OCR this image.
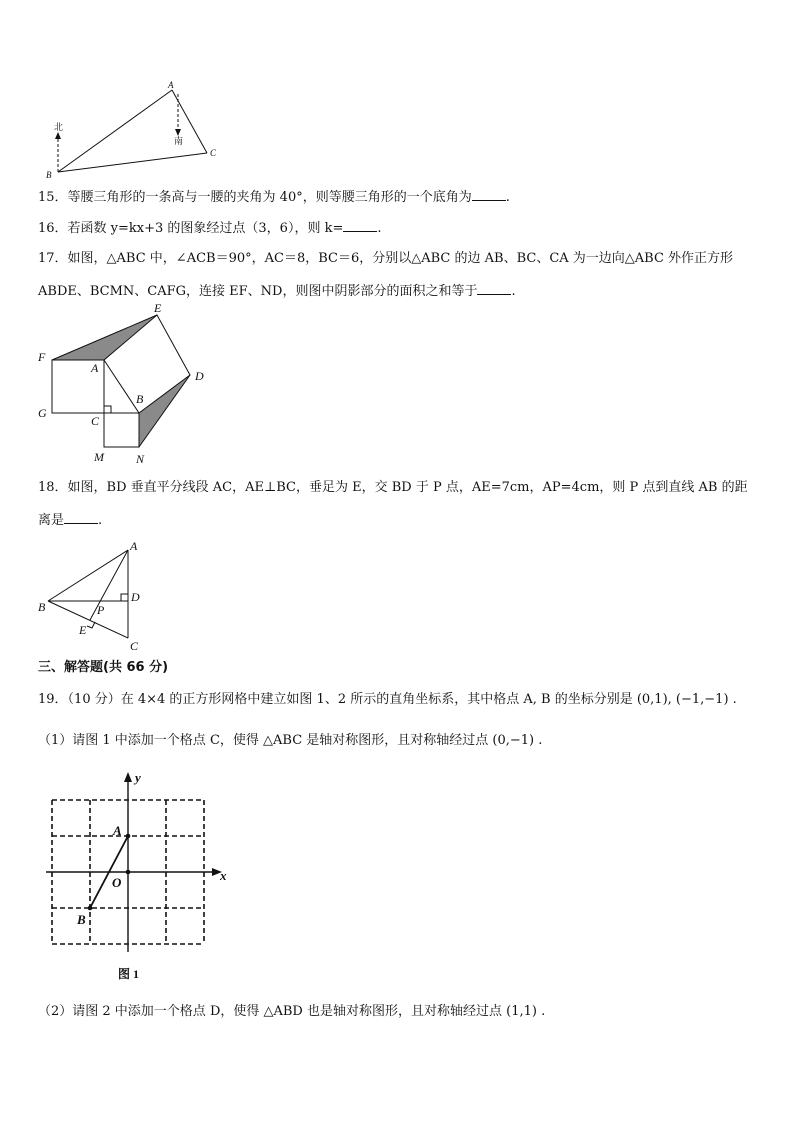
A
B
C
北
南
15．等腰三角形的一条高与一腰的夹角为 40°，则等腰三角形的一个底角为	.
16．若函数 y=kx+3 的图象经过点（3，6），则 k=	.
17．如图，△ABC 中，∠ACB＝90°，AC＝8，BC＝6，分别以△ABC 的边 AB、BC、CA 为一边向△ABC 外作正方形
ABDE、BCMN、CAFG，连接 EF、ND，则图中阴影部分的面积之和等于	.
E
F
A
D
B
G
C
M	N
18．如图，BD 垂直平分线段 AC，AE⊥BC，垂足为 E，交 BD 于 P 点，AE=7cm，AP=4cm，则 P 点到直线 AB 的距
离是	.
A
B
D
P
E
C
三、解答题(共 66 分)
19．（10 分）在 4×4 的正方形网格中建立如图 1、2 所示的直角坐标系，其中格点 A, B 的坐标分别是 (0,1), (−1,−1) .
（1）请图 1 中添加一个格点 C，使得 △ABC 是轴对称图形，且对称轴经过点 (0,−1) .
y
x
A
O
B
图 1
（2）请图 2 中添加一个格点 D，使得 △ABD 也是轴对称图形，且对称轴经过点 (1,1) .
